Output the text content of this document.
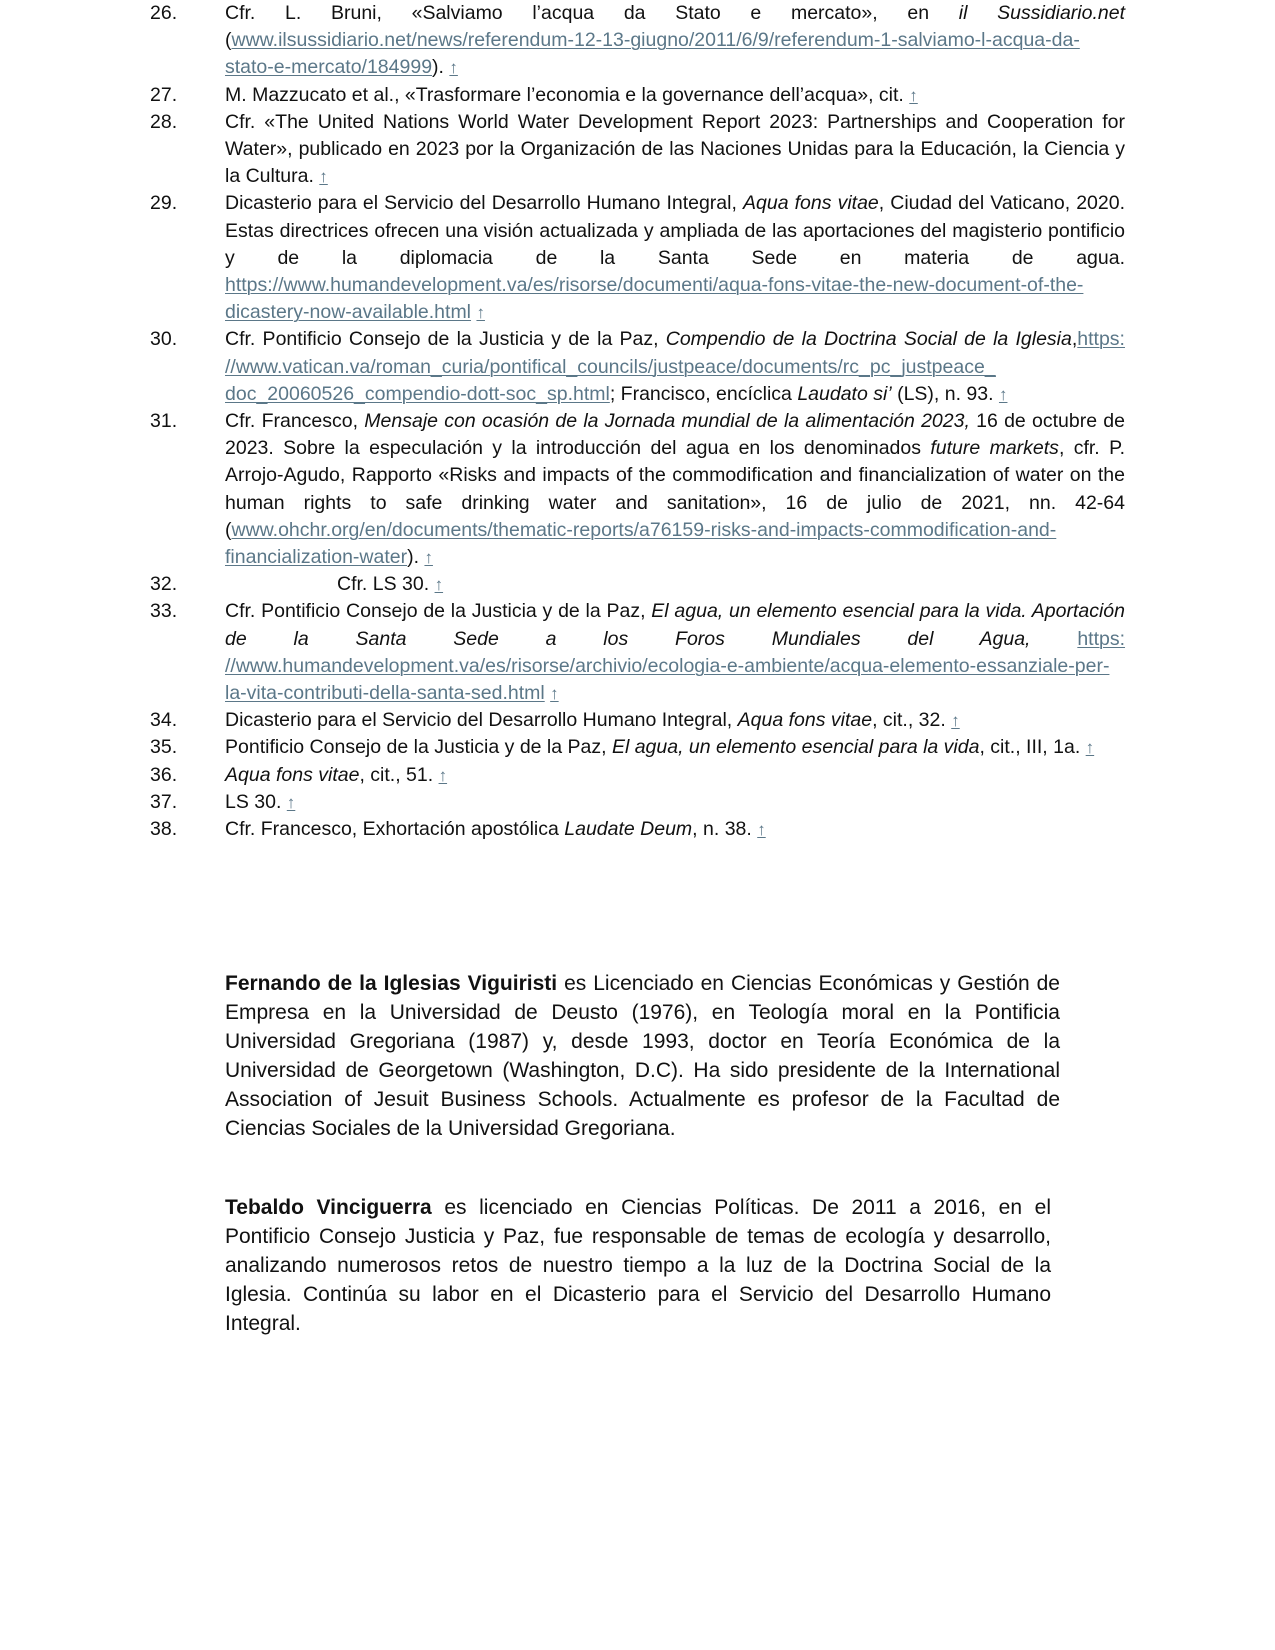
26.	Cfr. L. Bruni, «Salviamo l’acqua da Stato e mercato», en il Sussidiario.net (www.ilsussidiario.net/news/referendum-12-13-giugno/2011/6/9/referendum-1-salviamo-l-acqua-da-stato-e-mercato/184999). ↑
27.	M. Mazzucato et al., «Trasformare l’economia e la governance dell’acqua», cit. ↑
28.	Cfr. «The United Nations World Water Development Report 2023: Partnerships and Cooperation for Water», publicado en 2023 por la Organización de las Naciones Unidas para la Educación, la Ciencia y la Cultura. ↑
29.	Dicasterio para el Servicio del Desarrollo Humano Integral, Aqua fons vitae, Ciudad del Vaticano, 2020. Estas directrices ofrecen una visión actualizada y ampliada de las aportaciones del magisterio pontificio y de la diplomacia de la Santa Sede en materia de agua. https://www.humandevelopment.va/es/risorse/documenti/aqua-fons-vitae-the-new-document-of-the-dicastery-now-available.html ↑
30.	Cfr. Pontificio Consejo de la Justicia y de la Paz, Compendio de la Doctrina Social de la Iglesia,https: //www.vatican.va/roman_curia/pontifical_councils/justpeace/documents/rc_pc_justpeace_ doc_20060526_compendio-dott-soc_sp.html; Francisco, encíclica Laudato si’ (LS), n. 93. ↑
31.	Cfr. Francesco, Mensaje con ocasión de la Jornada mundial de la alimentación 2023, 16 de octubre de 2023. Sobre la especulación y la introducción del agua en los denominados future markets, cfr. P. Arrojo-Agudo, Rapporto «Risks and impacts of the commodification and financialization of water on the human rights to safe drinking water and sanitation», 16 de julio de 2021, nn. 42-64 (www.ohchr.org/en/documents/thematic-reports/a76159-risks-and-impacts-commodification-and-financialization-water). ↑
32.	Cfr. LS 30. ↑
33.	Cfr. Pontificio Consejo de la Justicia y de la Paz, El agua, un elemento esencial para la vida. Aportación de la Santa Sede a los Foros Mundiales del Agua, https: //www.humandevelopment.va/es/risorse/archivio/ecologia-e-ambiente/acqua-elemento-essanziale-per-la-vita-contributi-della-santa-sed.html ↑
34.	Dicasterio para el Servicio del Desarrollo Humano Integral, Aqua fons vitae, cit., 32. ↑
35.	Pontificio Consejo de la Justicia y de la Paz, El agua, un elemento esencial para la vida, cit., III, 1a. ↑
36.	Aqua fons vitae, cit., 51. ↑
37.	LS 30. ↑
38.	Cfr. Francesco, Exhortación apostólica Laudate Deum, n. 38. ↑

Fernando de la Iglesias Viguiristi es Licenciado en Ciencias Económicas y Gestión de Empresa en la Universidad de Deusto (1976), en Teología moral en la Pontificia Universidad Gregoriana (1987) y, desde 1993, doctor en Teoría Económica de la Universidad de Georgetown (Washington, D.C). Ha sido presidente de la International Association of Jesuit Business Schools. Actualmente es profesor de la Facultad de Ciencias Sociales de la Universidad Gregoriana.

Tebaldo Vinciguerra es licenciado en Ciencias Políticas. De 2011 a 2016, en el Pontificio Consejo Justicia y Paz, fue responsable de temas de ecología y desarrollo, analizando numerosos retos de nuestro tiempo a la luz de la Doctrina Social de la Iglesia. Continúa su labor en el Dicasterio para el Servicio del Desarrollo Humano Integral.
